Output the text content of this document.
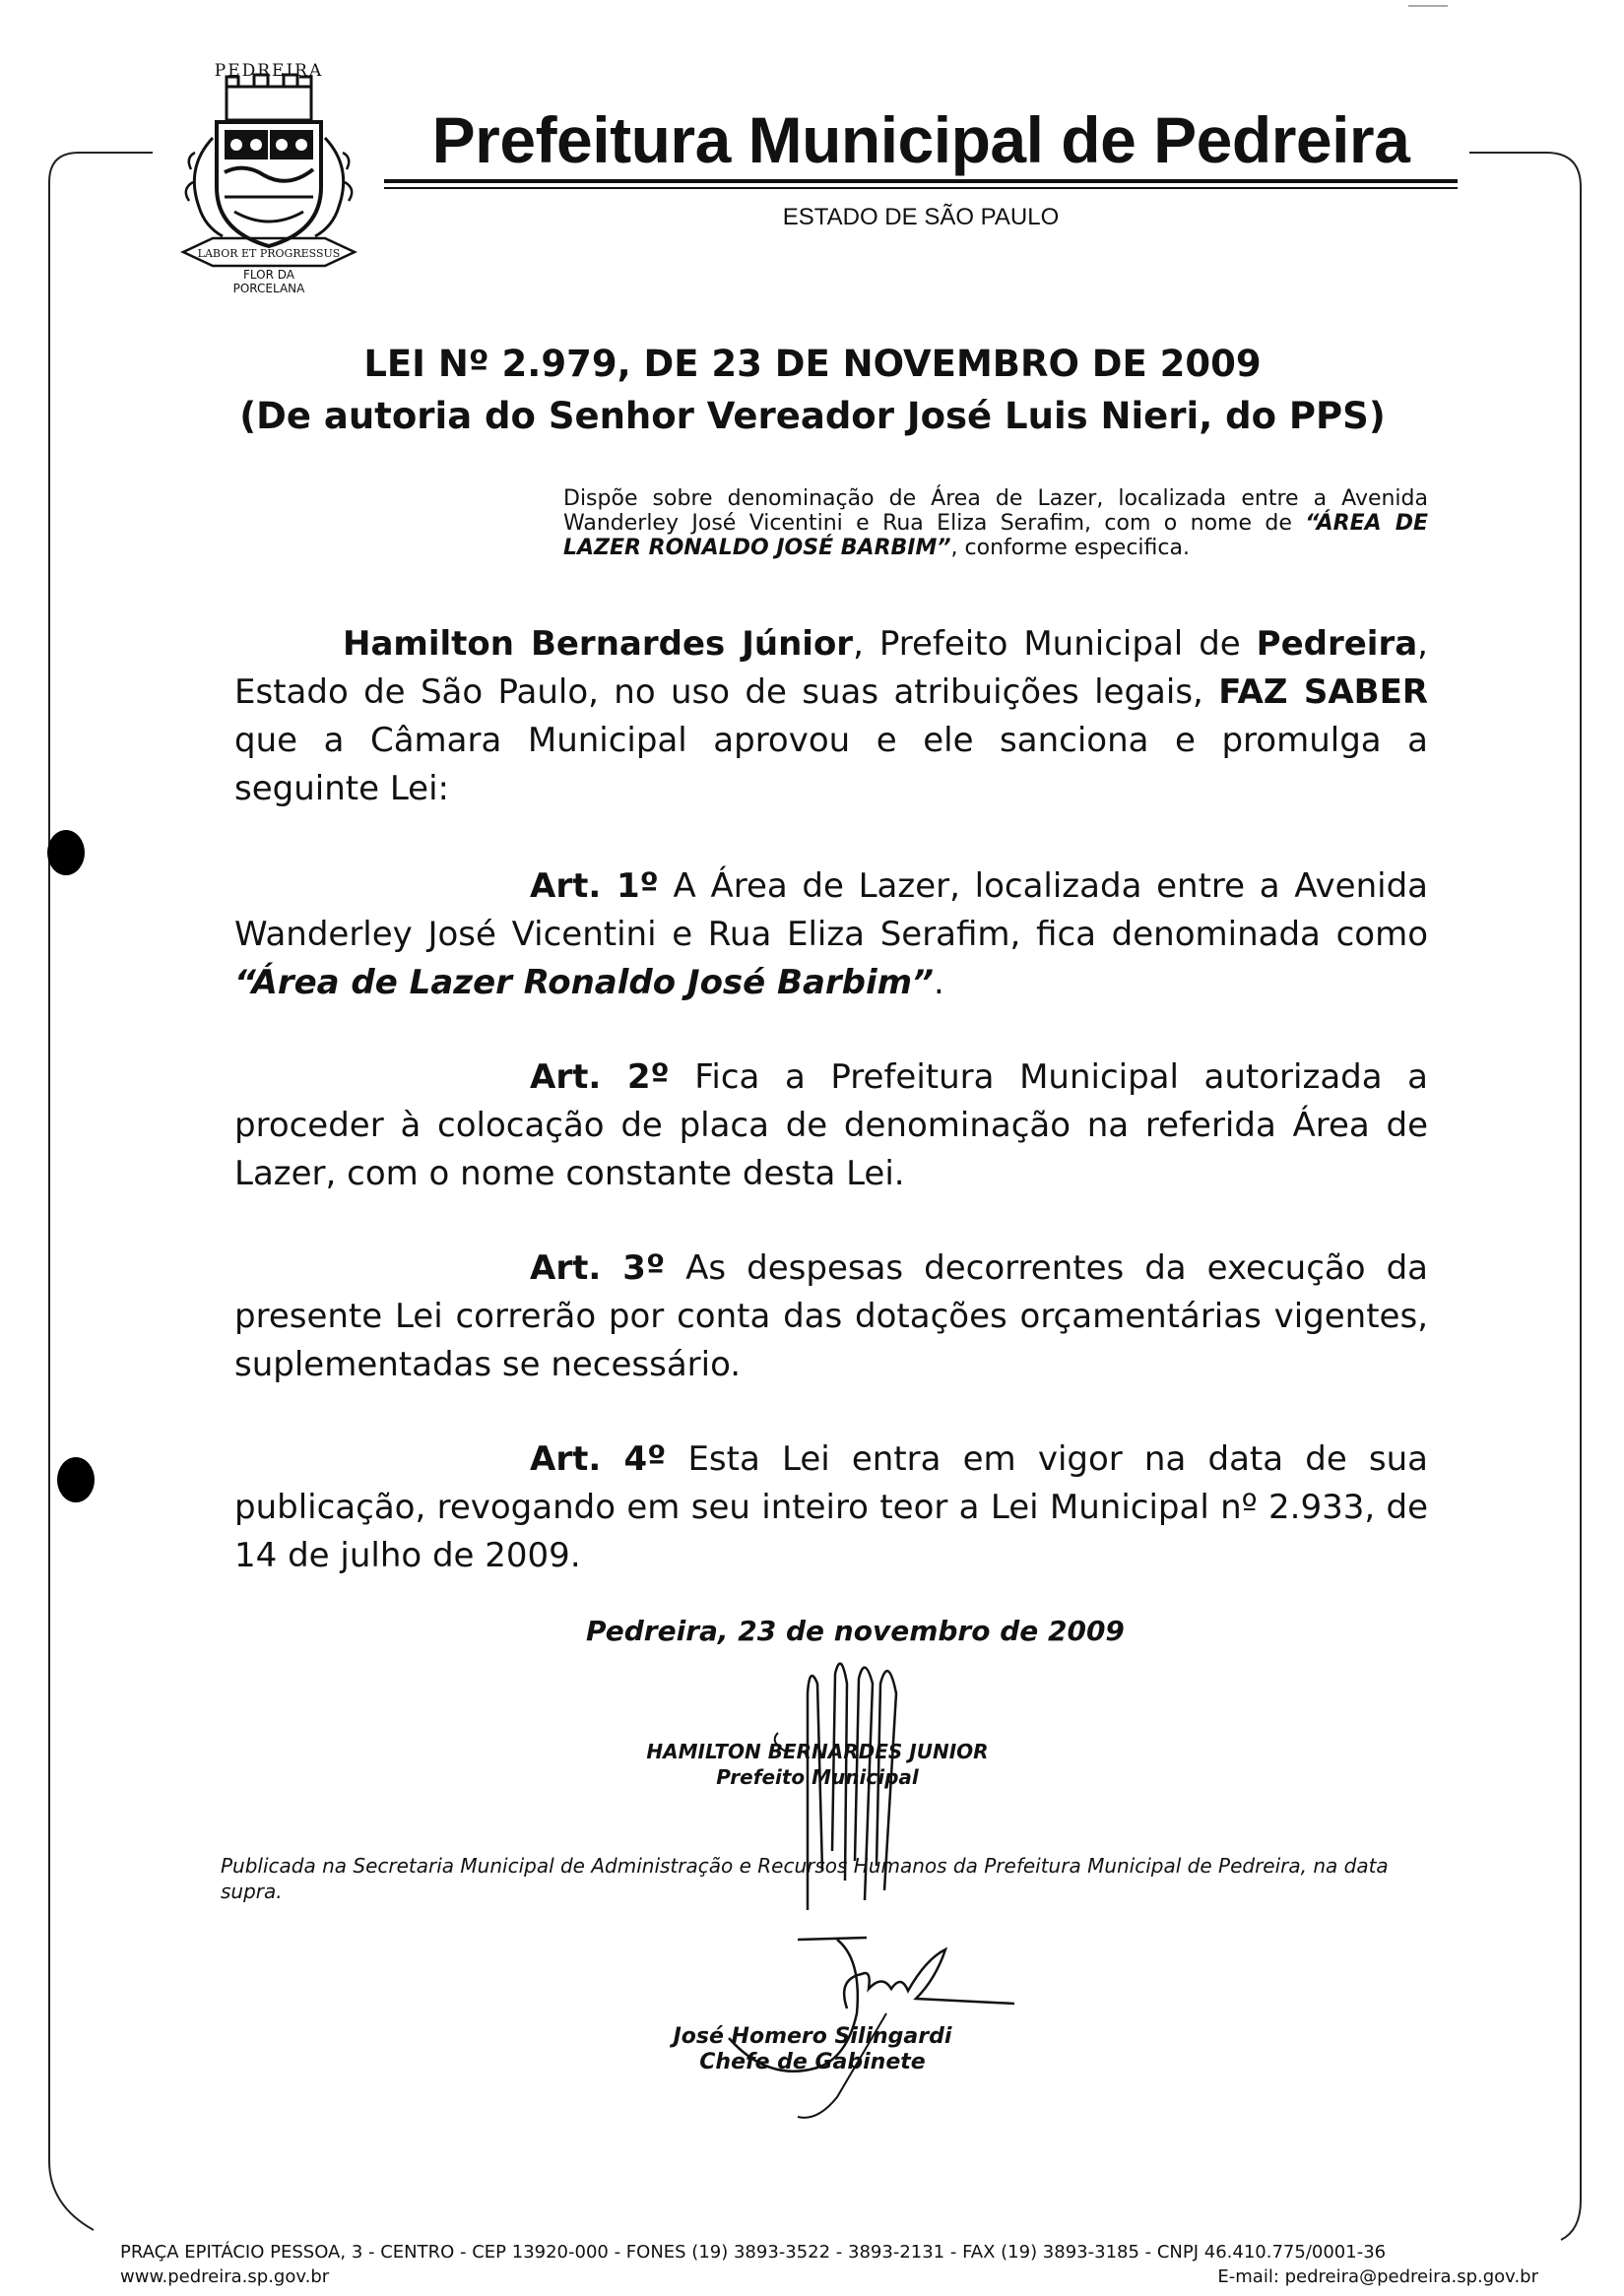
LABOR ET PROGRESSUS
PEDREIRA
FLOR DA
PORCELANA
Prefeitura Municipal de Pedreira
ESTADO DE SÃO PAULO
LEI Nº 2.979, DE 23 DE NOVEMBRO DE 2009
(De autoria do Senhor Vereador José Luis Nieri, do PPS)
Dispõe sobre denominação de Área de Lazer, localizada entre a Avenida Wanderley José Vicentini e Rua Eliza Serafim, com o nome de “ÁREA DE LAZER RONALDO JOSÉ BARBIM”, conforme especifica.
Hamilton Bernardes Júnior, Prefeito Municipal de Pedreira, Estado de São Paulo, no uso de suas atribuições legais, FAZ SABER que a Câmara Municipal aprovou e ele sanciona e promulga a seguinte Lei:
Art. 1º A Área de Lazer, localizada entre a Avenida Wanderley José Vicentini e Rua Eliza Serafim, fica denominada como “Área de Lazer Ronaldo José Barbim”.
Art. 2º Fica a Prefeitura Municipal autorizada a proceder à colocação de placa de denominação na referida Área de Lazer, com o nome constante desta Lei.
Art. 3º As despesas decorrentes da execução da presente Lei correrão por conta das dotações orçamentárias vigentes, suplementadas se necessário.
Art. 4º Esta Lei entra em vigor na data de sua publicação, revogando em seu inteiro teor a Lei Municipal nº 2.933, de 14 de julho de 2009.
Pedreira, 23 de novembro de 2009
HAMILTON BERNARDES JUNIOR
Prefeito Municipal
Publicada na Secretaria Municipal de Administração e Recursos Humanos da Prefeitura Municipal de Pedreira, na data supra.
José Homero Silingardi
Chefe de Gabinete
PRAÇA EPITÁCIO PESSOA, 3 - CENTRO - CEP 13920-000 - FONES (19) 3893-3522 - 3893-2131 - FAX (19) 3893-3185 - CNPJ 46.410.775/0001-36
www.pedreira.sp.gov.br	E-mail: pedreira@pedreira.sp.gov.br
